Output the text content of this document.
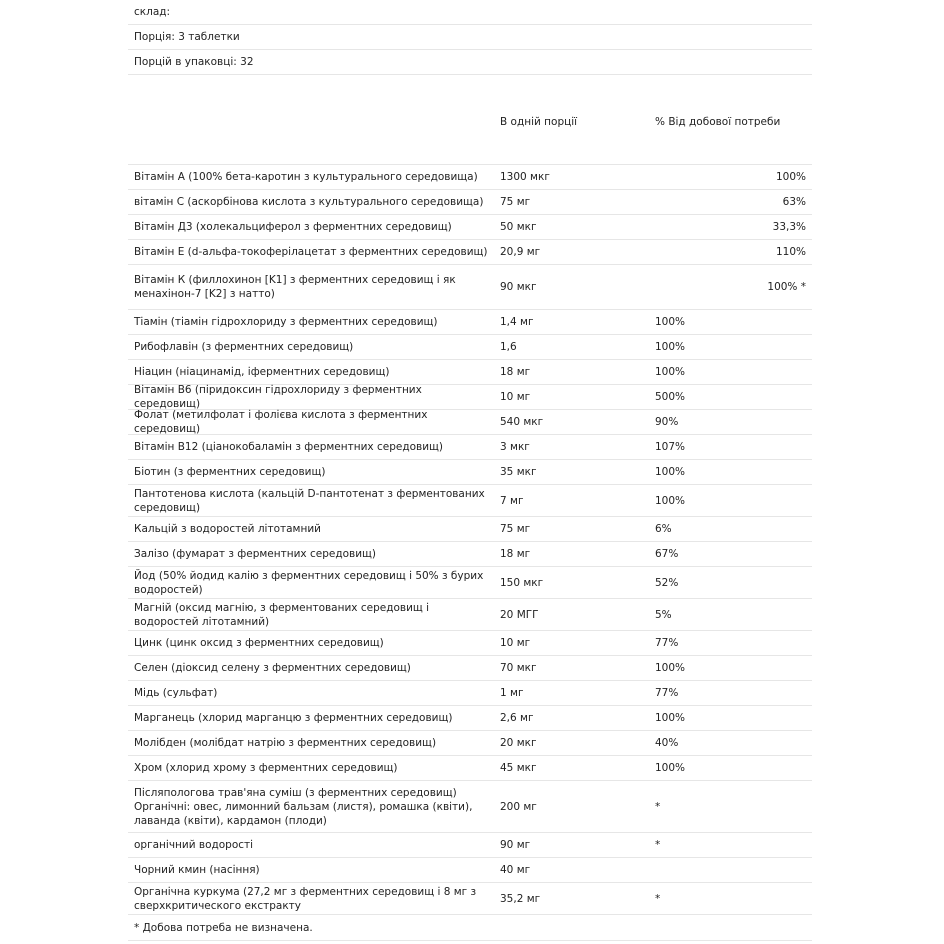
склад:
Порція: 3 таблетки
Порцій в упаковці: 32
В одній порції	% Від добової потреби
Вітамін А (100% бета-каротин з культурального середовища)	1300 мкг	100%
вітамін С (аскорбінова кислота з культурального середовища)	75 мг	63%
Вітамін Д3 (холекальциферол з ферментних середовищ)	50 мкг	33,3%
Вітамін Е (d-альфа-токоферілацетат з ферментних середовищ)	20,9 мг	110%
Вітамін К (филлохинон [K1] з ферментних середовищ і як менахінон-7 [K2] з натто)
90 мкг	100% *
Тіамін (тіамін гідрохлориду з ферментних середовищ)	1,4 мг	100%
Рибофлавін (з ферментних середовищ)	1,6	100%
Ніацин (ніацинамід, іферментних середовищ)	18 мг	100%
Вітамін В6 (піридоксин гідрохлориду з ферментних середовищ)
10 мг	500%
Фолат (метилфолат і фолієва кислота з ферментних середовищ)
540 мкг	90%
Вітамін В12 (ціанокобаламін з ферментних середовищ)	3 мкг	107%
Біотин (з ферментних середовищ)	35 мкг	100%
Пантотенова кислота (кальцій D-пантотенат з ферментованих середовищ)
7 мг	100%
Кальцій з водоростей літотамний	75 мг	6%
Залізо (фумарат з ферментних середовищ)	18 мг	67%
Йод (50% йодид калію з ферментних середовищ і 50% з бурих водоростей)
150 мкг	52%
Магній (оксид магнію, з ферментованих середовищ і водоростей літотамний)
20 МГГ	5%
Цинк (цинк оксид з ферментних середовищ)	10 мг	77%
Селен (діоксид селену з ферментних середовищ)	70 мкг	100%
Мідь (сульфат)	1 мг	77%
Марганець (хлорид марганцю з ферментних середовищ)	2,6 мг	100%
Молібден (молібдат натрію з ферментних середовищ)	20 мкг	40%
Хром (хлорид хрому з ферментних середовищ)	45 мкг	100%
Післяпологова трав'яна суміш (з ферментних середовищ) Органічні: овес, лимонний бальзам (листя), ромашка (квіти), лаванда (квіти), кардамон (плоди)
200 мг	*
органічний водорості	90 мг	*
Чорний кмин (насіння)	40 мг
Органічна куркума (27,2 мг з ферментних середовищ і 8 мг з сверхкритического екстракту
35,2 мг	*
* Добова потреба не визначена.
